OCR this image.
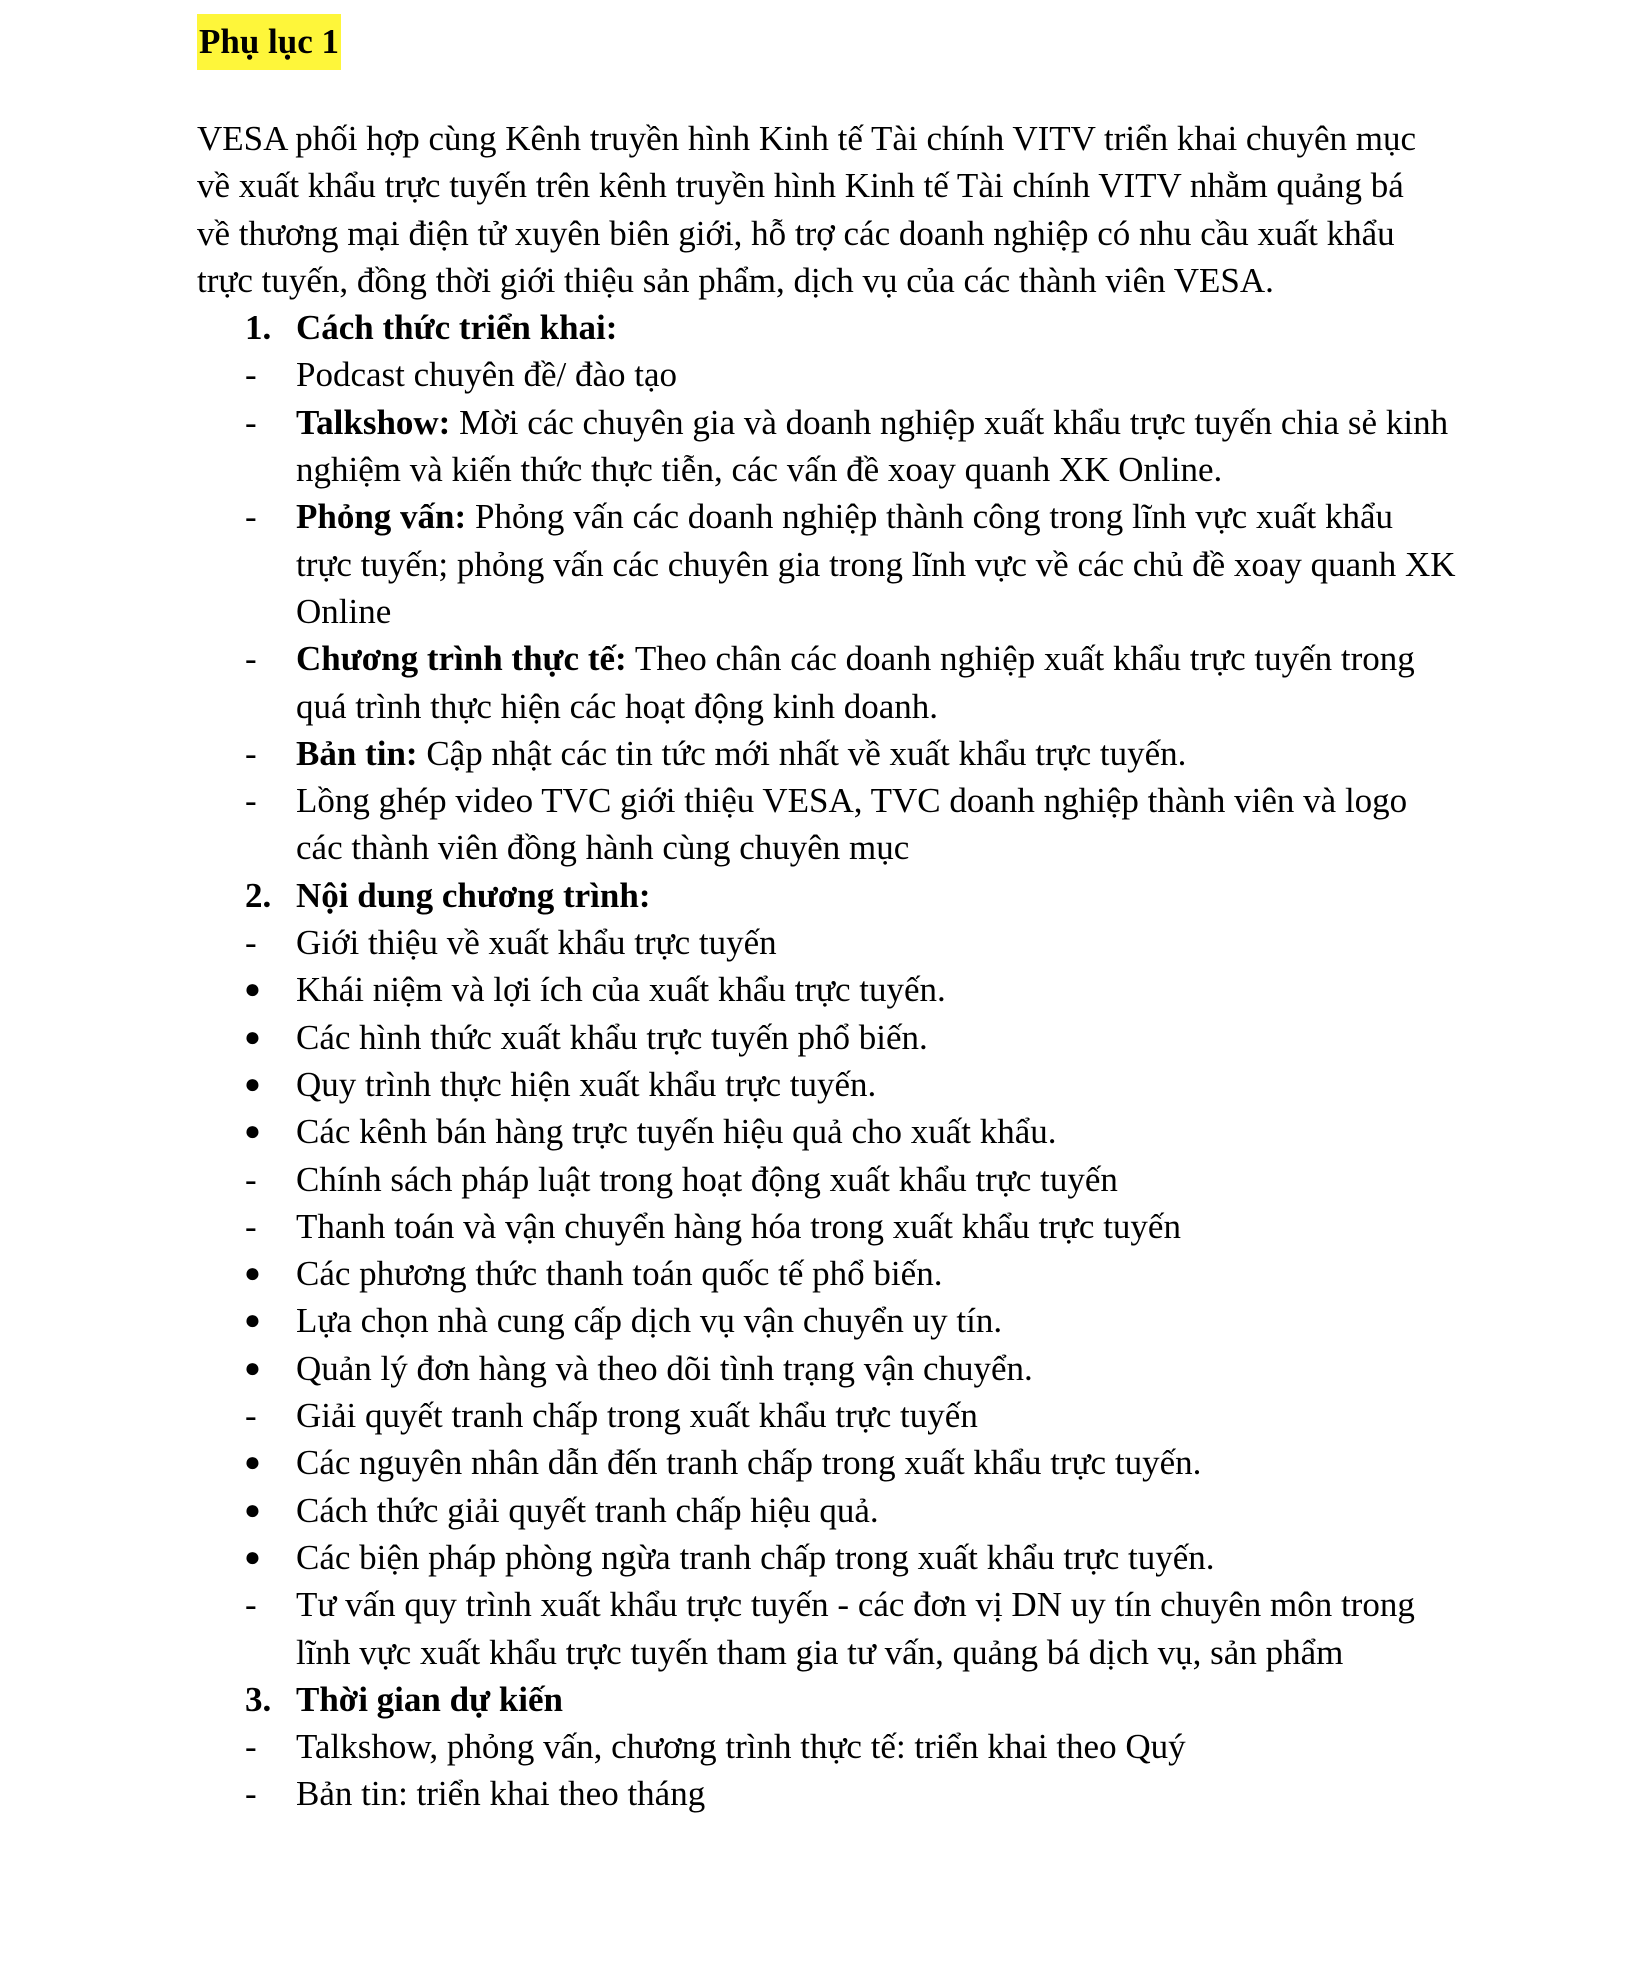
Phụ lục 1
VESA phối hợp cùng Kênh truyền hình Kinh tế Tài chính VITV triển khai chuyên mục về xuất khẩu trực tuyến trên kênh truyền hình Kinh tế Tài chính VITV nhằm quảng bá về thương mại điện tử xuyên biên giới, hỗ trợ các doanh nghiệp có nhu cầu xuất khẩu trực tuyến, đồng thời giới thiệu sản phẩm, dịch vụ của các thành viên VESA.
1. Cách thức triển khai:
- Podcast chuyên đề/ đào tạo
- Talkshow: Mời các chuyên gia và doanh nghiệp xuất khẩu trực tuyến chia sẻ kinh nghiệm và kiến thức thực tiễn, các vấn đề xoay quanh XK Online.
- Phỏng vấn: Phỏng vấn các doanh nghiệp thành công trong lĩnh vực xuất khẩu trực tuyến; phỏng vấn các chuyên gia trong lĩnh vực về các chủ đề xoay quanh XK Online
- Chương trình thực tế: Theo chân các doanh nghiệp xuất khẩu trực tuyến trong quá trình thực hiện các hoạt động kinh doanh.
- Bản tin: Cập nhật các tin tức mới nhất về xuất khẩu trực tuyến.
- Lồng ghép video TVC giới thiệu VESA, TVC doanh nghiệp thành viên và logo các thành viên đồng hành cùng chuyên mục
2. Nội dung chương trình:
- Giới thiệu về xuất khẩu trực tuyến
● Khái niệm và lợi ích của xuất khẩu trực tuyến.
● Các hình thức xuất khẩu trực tuyến phổ biến.
● Quy trình thực hiện xuất khẩu trực tuyến.
● Các kênh bán hàng trực tuyến hiệu quả cho xuất khẩu.
- Chính sách pháp luật trong hoạt động xuất khẩu trực tuyến
- Thanh toán và vận chuyển hàng hóa trong xuất khẩu trực tuyến
● Các phương thức thanh toán quốc tế phổ biến.
● Lựa chọn nhà cung cấp dịch vụ vận chuyển uy tín.
● Quản lý đơn hàng và theo dõi tình trạng vận chuyển.
- Giải quyết tranh chấp trong xuất khẩu trực tuyến
● Các nguyên nhân dẫn đến tranh chấp trong xuất khẩu trực tuyến.
● Cách thức giải quyết tranh chấp hiệu quả.
● Các biện pháp phòng ngừa tranh chấp trong xuất khẩu trực tuyến.
- Tư vấn quy trình xuất khẩu trực tuyến - các đơn vị DN uy tín chuyên môn trong lĩnh vực xuất khẩu trực tuyến tham gia tư vấn, quảng bá dịch vụ, sản phẩm
3. Thời gian dự kiến
- Talkshow, phỏng vấn, chương trình thực tế: triển khai theo Quý
- Bản tin: triển khai theo tháng
